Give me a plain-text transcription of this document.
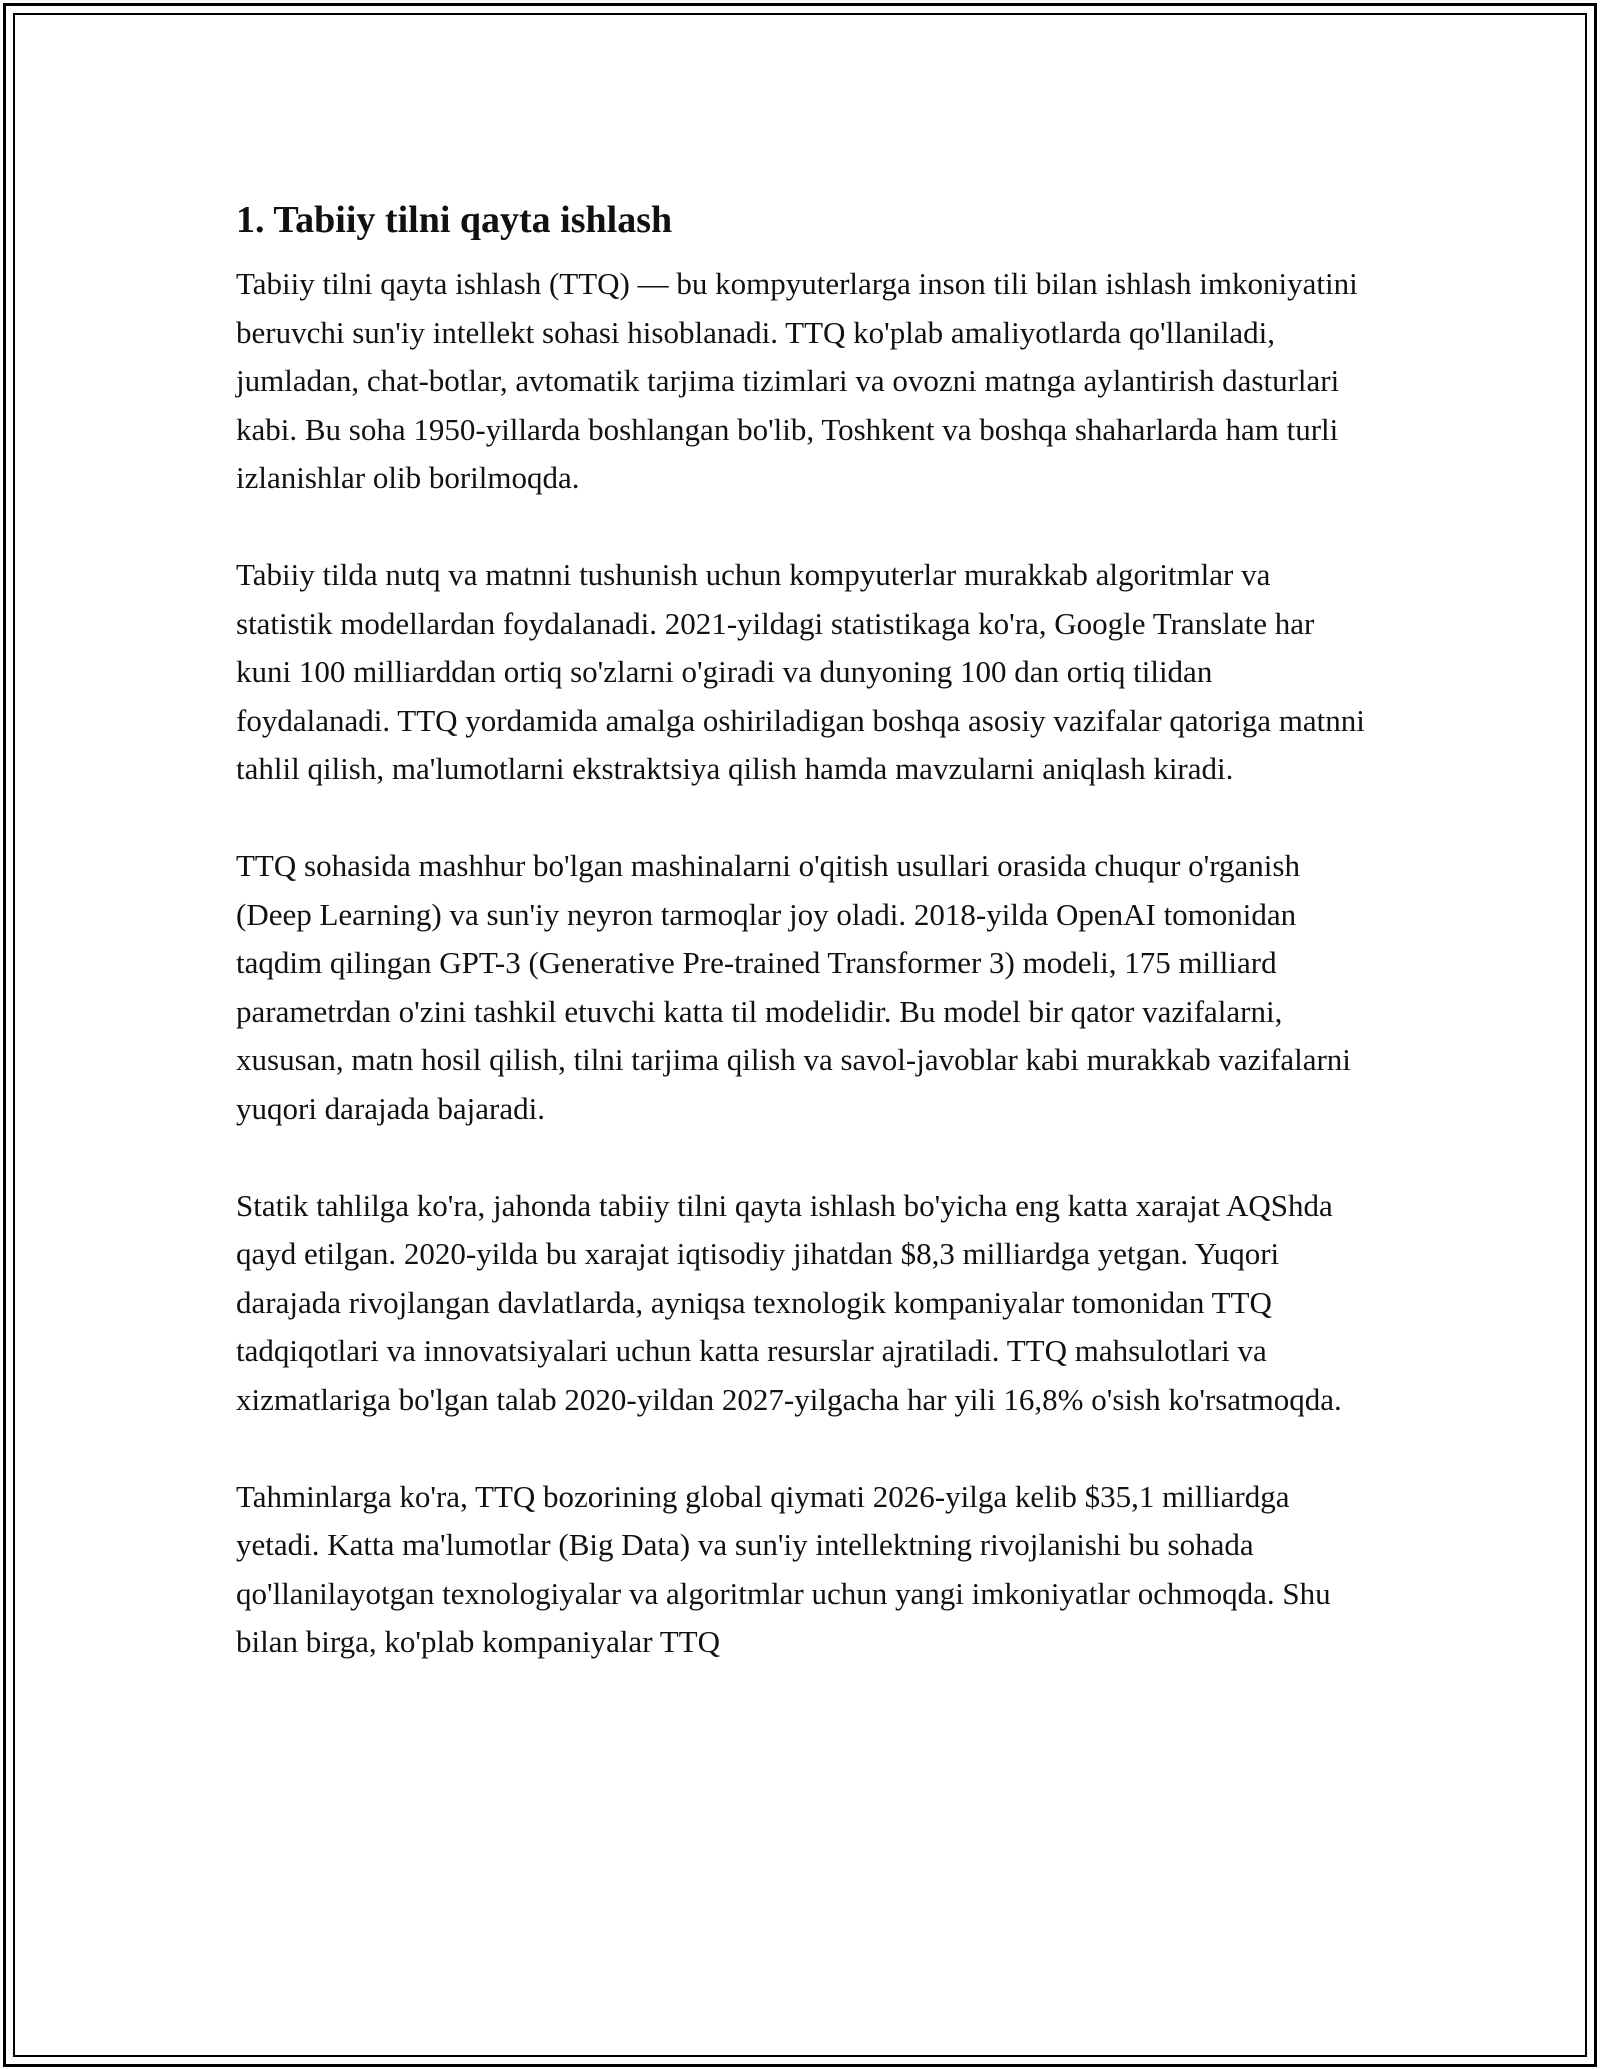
1. Tabiiy tilni qayta ishlash

Tabiiy tilni qayta ishlash (TTQ) — bu kompyuterlarga inson tili bilan ishlash imkoniyatini beruvchi sun'iy intellekt sohasi hisoblanadi. TTQ ko'plab amaliyotlarda qo'llaniladi, jumladan, chat-botlar, avtomatik tarjima tizimlari va ovozni matnga aylantirish dasturlari kabi. Bu soha 1950-yillarda boshlangan bo'lib, Toshkent va boshqa shaharlarda ham turli izlanishlar olib borilmoqda.

Tabiiy tilda nutq va matnni tushunish uchun kompyuterlar murakkab algoritmlar va statistik modellardan foydalanadi. 2021-yildagi statistikaga ko'ra, Google Translate har kuni 100 milliarddan ortiq so'zlarni o'giradi va dunyoning 100 dan ortiq tilidan foydalanadi. TTQ yordamida amalga oshiriladigan boshqa asosiy vazifalar qatoriga matnni tahlil qilish, ma'lumotlarni ekstraktsiya qilish hamda mavzularni aniqlash kiradi.

TTQ sohasida mashhur bo'lgan mashinalarni o'qitish usullari orasida chuqur o'rganish (Deep Learning) va sun'iy neyron tarmoqlar joy oladi. 2018-yilda OpenAI tomonidan taqdim qilingan GPT-3 (Generative Pre-trained Transformer 3) modeli, 175 milliard parametrdan o'zini tashkil etuvchi katta til modelidir. Bu model bir qator vazifalarni, xususan, matn hosil qilish, tilni tarjima qilish va savol-javoblar kabi murakkab vazifalarni yuqori darajada bajaradi.

Statik tahlilga ko'ra, jahonda tabiiy tilni qayta ishlash bo'yicha eng katta xarajat AQShda qayd etilgan. 2020-yilda bu xarajat iqtisodiy jihatdan $8,3 milliardga yetgan. Yuqori darajada rivojlangan davlatlarda, ayniqsa texnologik kompaniyalar tomonidan TTQ tadqiqotlari va innovatsiyalari uchun katta resurslar ajratiladi. TTQ mahsulotlari va xizmatlariga bo'lgan talab 2020-yildan 2027-yilgacha har yili 16,8% o'sish ko'rsatmoqda.

Tahminlarga ko'ra, TTQ bozorining global qiymati 2026-yilga kelib $35,1 milliardga yetadi. Katta ma'lumotlar (Big Data) va sun'iy intellektning rivojlanishi bu sohada qo'llanilayotgan texnologiyalar va algoritmlar uchun yangi imkoniyatlar ochmoqda. Shu bilan birga, ko'plab kompaniyalar TTQ
